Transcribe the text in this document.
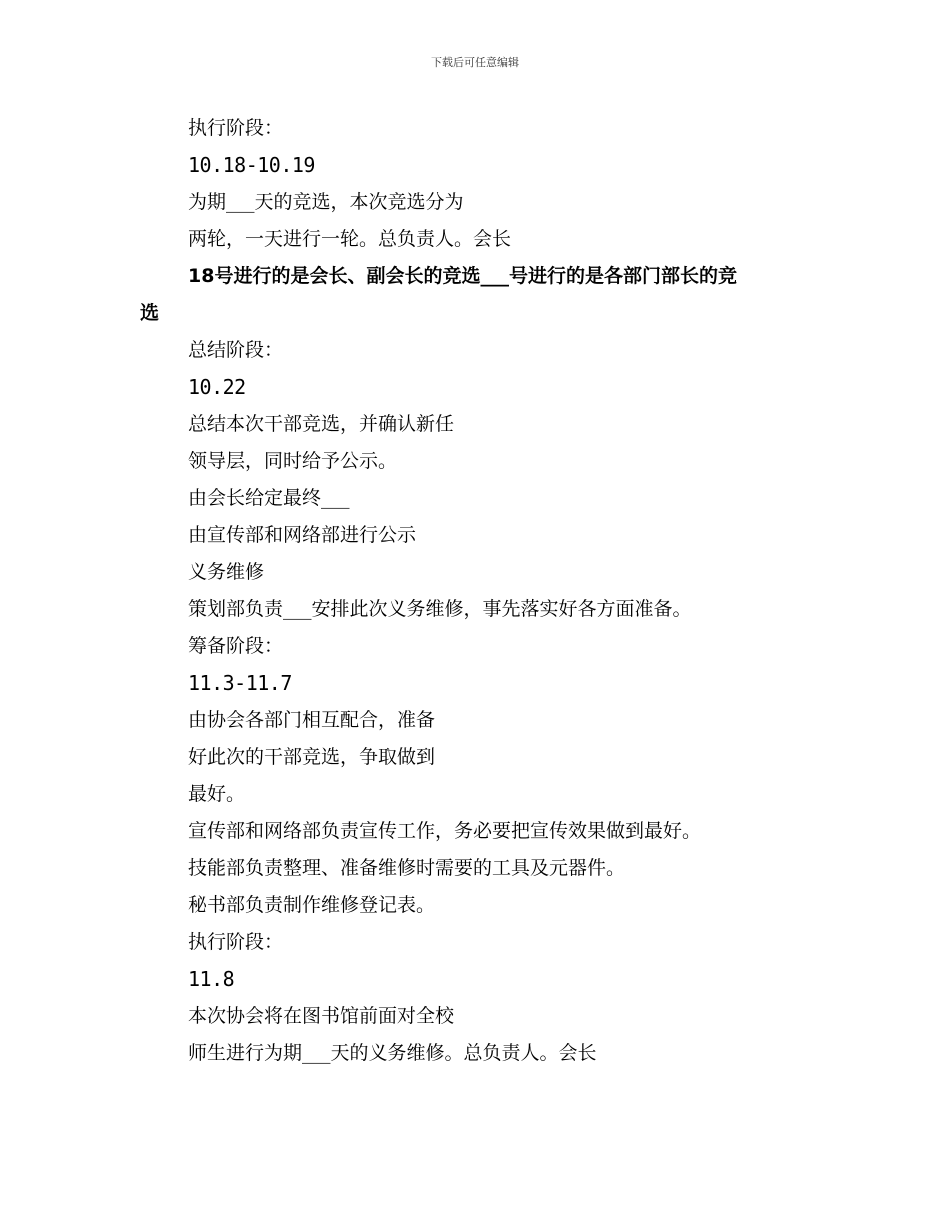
下载后可任意编辑
执行阶段：
10.18-10.19
为期___天的竞选，本次竞选分为
两轮，一天进行一轮。总负责人。会长
18号进行的是会长、副会长的竞选___号进行的是各部门部长的竞
选
总结阶段：
10.22
总结本次干部竞选，并确认新任
领导层，同时给予公示。
由会长给定最终___
由宣传部和网络部进行公示
义务维修
策划部负责___安排此次义务维修，事先落实好各方面准备。
筹备阶段：
11.3-11.7
由协会各部门相互配合，准备
好此次的干部竞选，争取做到
最好。
宣传部和网络部负责宣传工作，务必要把宣传效果做到最好。
技能部负责整理、准备维修时需要的工具及元器件。
秘书部负责制作维修登记表。
执行阶段：
11.8
本次协会将在图书馆前面对全校
师生进行为期___天的义务维修。总负责人。会长
